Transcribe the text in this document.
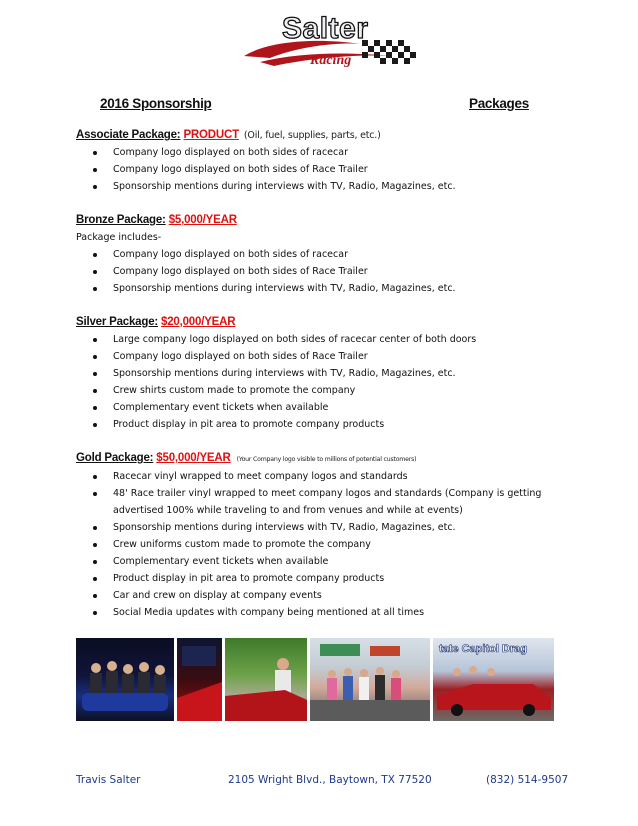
Racing
Salter
2016 Sponsorship	Packages
Associate Package: PRODUCT (Oil, fuel, supplies, parts, etc.)
Company logo displayed on both sides of racecar
Company logo displayed on both sides of Race Trailer
Sponsorship mentions during interviews with TV, Radio, Magazines, etc.
Bronze Package: $5,000/YEAR
Package includes-
Company logo displayed on both sides of racecar
Company logo displayed on both sides of Race Trailer
Sponsorship mentions during interviews with TV, Radio, Magazines, etc.
Silver Package: $20,000/YEAR
Large company logo displayed on both sides of racecar center of both doors
Company logo displayed on both sides of Race Trailer
Sponsorship mentions during interviews with TV, Radio, Magazines, etc.
Crew shirts custom made to promote the company
Complementary event tickets when available
Product display in pit area to promote company products
Gold Package: $50,000/YEAR (Your Company logo visible to millions of potential customers)
Racecar vinyl wrapped to meet company logos and standards
48' Race trailer vinyl wrapped to meet company logos and standards (Company is getting
advertised 100% while traveling to and from venues and while at events)
Sponsorship mentions during interviews with TV, Radio, Magazines, etc.
Crew uniforms custom made to promote the company
Complementary event tickets when available
Product display in pit area to promote company products
Car and crew on display at company events
Social Media updates with company being mentioned at all times
tate Capitol Drag
Travis Salter	2105 Wright Blvd., Baytown, TX 77520	(832) 514-9507
